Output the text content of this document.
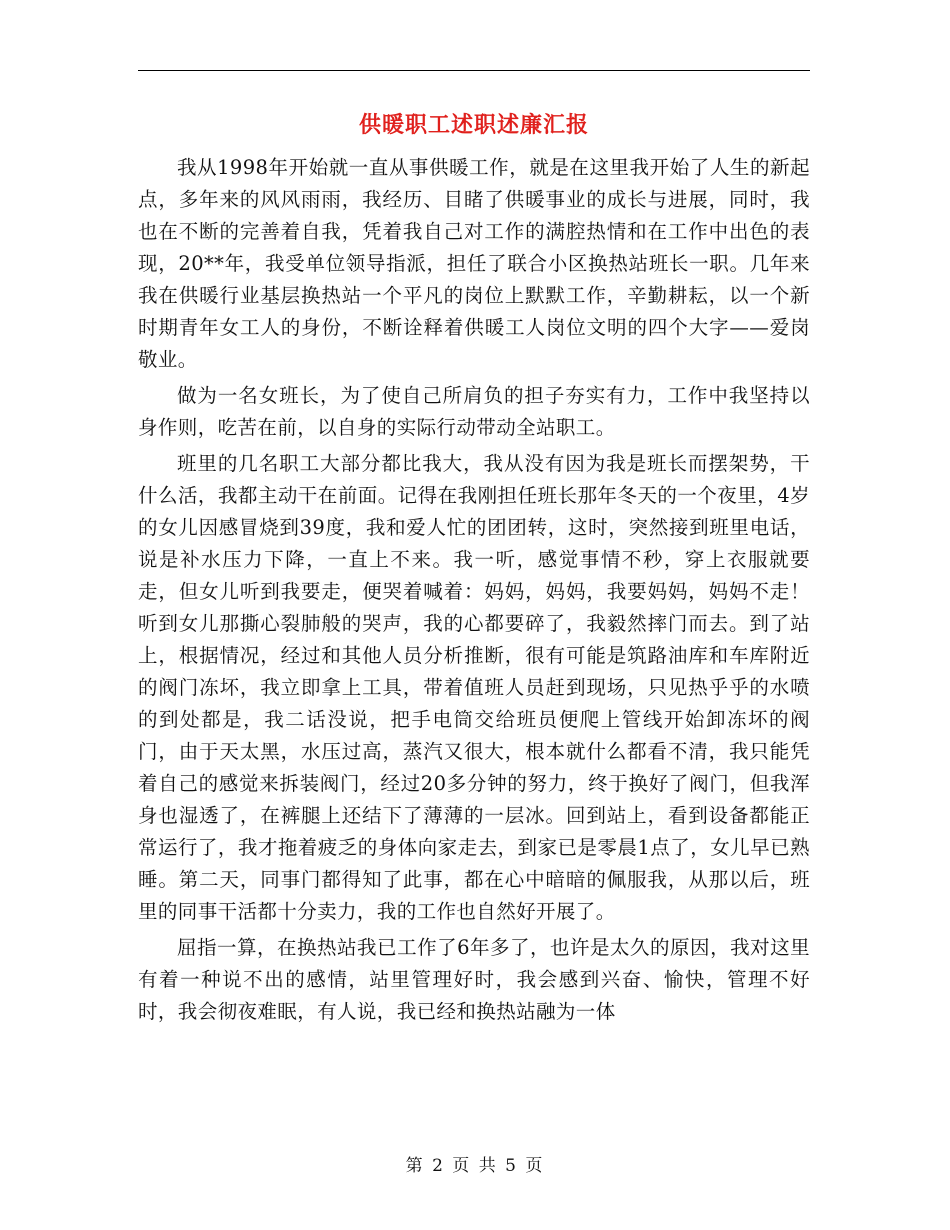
供暖职工述职述廉汇报

我从1998年开始就一直从事供暖工作，就是在这里我开始了人生的新起点，多年来的风风雨雨，我经历、目睹了供暖事业的成长与进展，同时，我也在不断的完善着自我，凭着我自己对工作的满腔热情和在工作中出色的表现，20**年，我受单位领导指派，担任了联合小区换热站班长一职。几年来我在供暖行业基层换热站一个平凡的岗位上默默工作，辛勤耕耘，以一个新时期青年女工人的身份，不断诠释着供暖工人岗位文明的四个大字——爱岗敬业。

做为一名女班长，为了使自己所肩负的担子夯实有力，工作中我坚持以身作则，吃苦在前，以自身的实际行动带动全站职工。

班里的几名职工大部分都比我大，我从没有因为我是班长而摆架势，干什么活，我都主动干在前面。记得在我刚担任班长那年冬天的一个夜里，4岁的女儿因感冒烧到39度，我和爱人忙的团团转，这时，突然接到班里电话，说是补水压力下降，一直上不来。我一听，感觉事情不秒，穿上衣服就要走，但女儿听到我要走，便哭着喊着：妈妈，妈妈，我要妈妈，妈妈不走！听到女儿那撕心裂肺般的哭声，我的心都要碎了，我毅然摔门而去。到了站上，根据情况，经过和其他人员分析推断，很有可能是筑路油库和车库附近的阀门冻坏，我立即拿上工具，带着值班人员赶到现场，只见热乎乎的水喷的到处都是，我二话没说，把手电筒交给班员便爬上管线开始卸冻坏的阀门，由于天太黑，水压过高，蒸汽又很大，根本就什么都看不清，我只能凭着自己的感觉来拆装阀门，经过20多分钟的努力，终于换好了阀门，但我浑身也湿透了，在裤腿上还结下了薄薄的一层冰。回到站上，看到设备都能正常运行了，我才拖着疲乏的身体向家走去，到家已是零晨1点了，女儿早已熟睡。第二天，同事门都得知了此事，都在心中暗暗的佩服我，从那以后，班里的同事干活都十分卖力，我的工作也自然好开展了。

屈指一算，在换热站我已工作了6年多了，也许是太久的原因，我对这里有着一种说不出的感情，站里管理好时，我会感到兴奋、愉快，管理不好时，我会彻夜难眠，有人说，我已经和换热站融为一体

第 2 页 共 5 页
